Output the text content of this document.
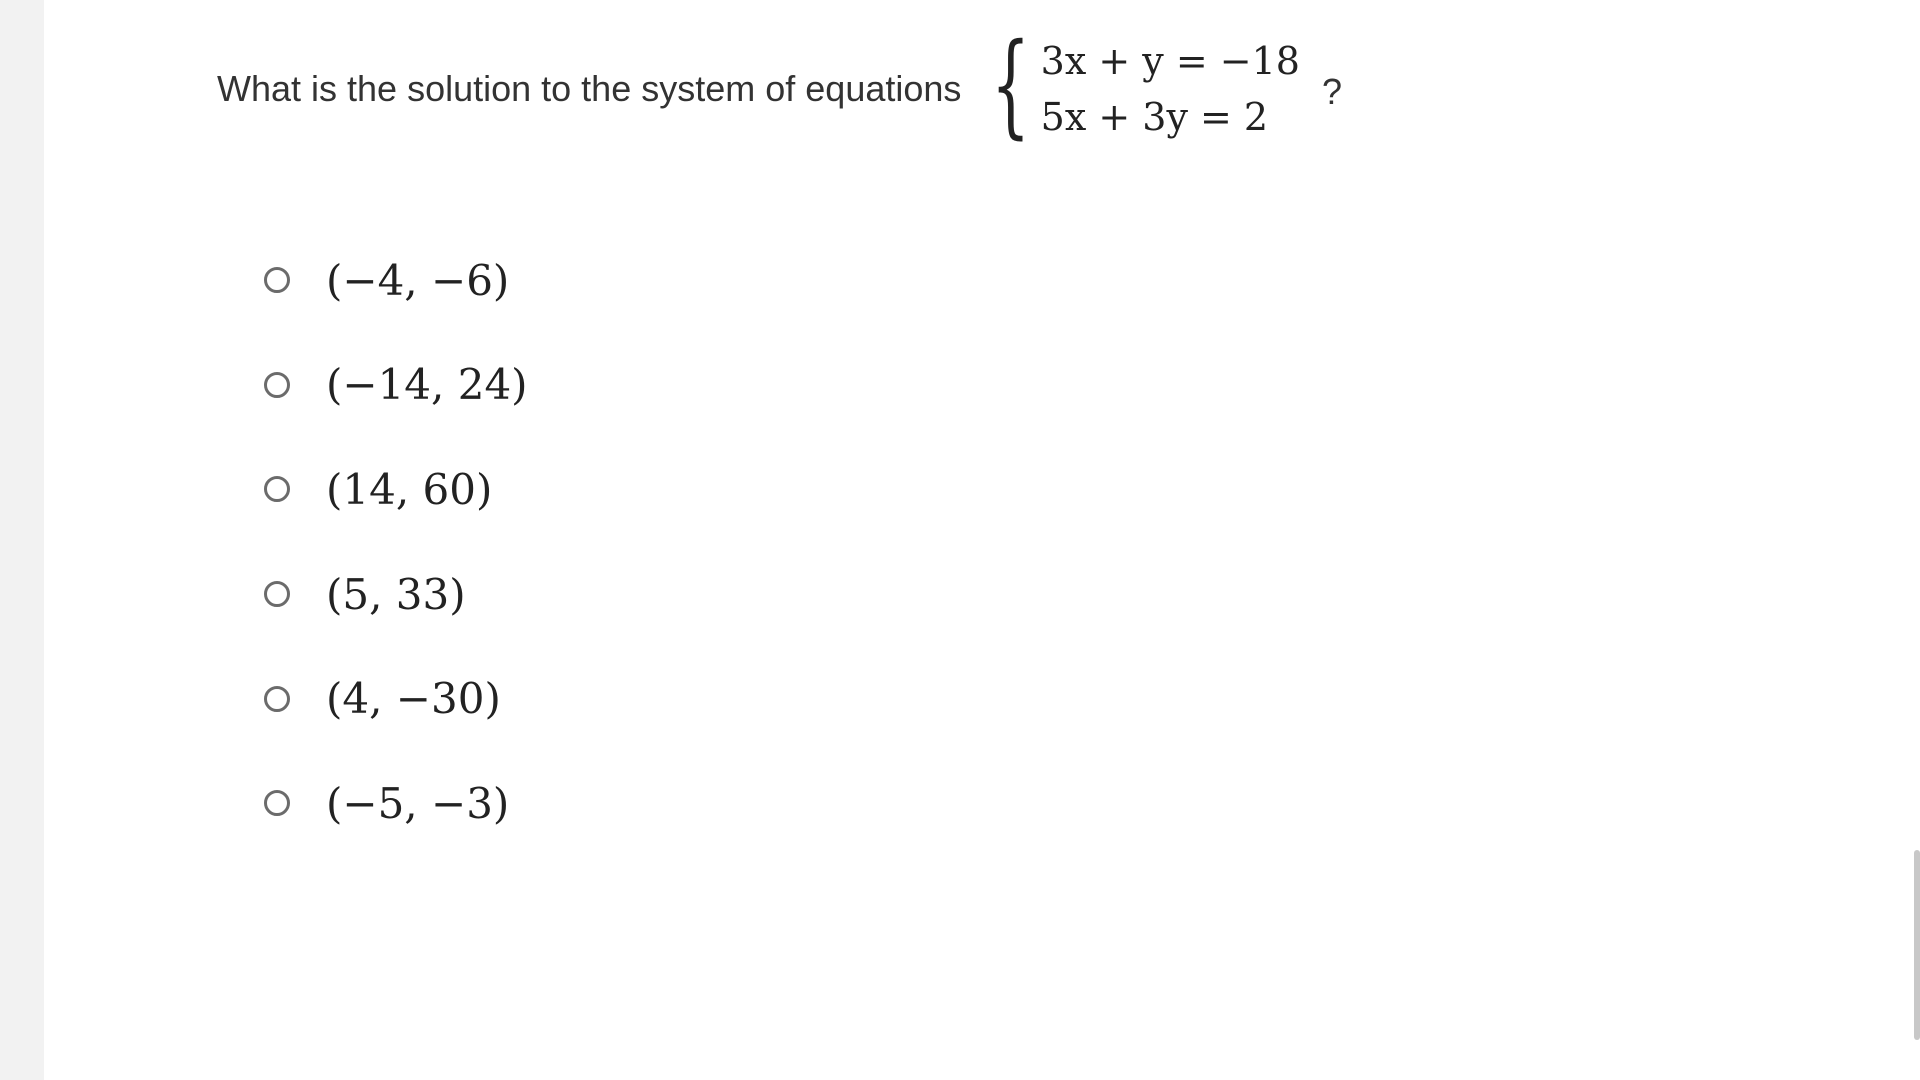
What is the solution to the system of equations { 3x + y = −18
5x + 3y = 2
?
(−4, −6)
(−14, 24)
(14, 60)
(5, 33)
(4, −30)
(−5, −3)
